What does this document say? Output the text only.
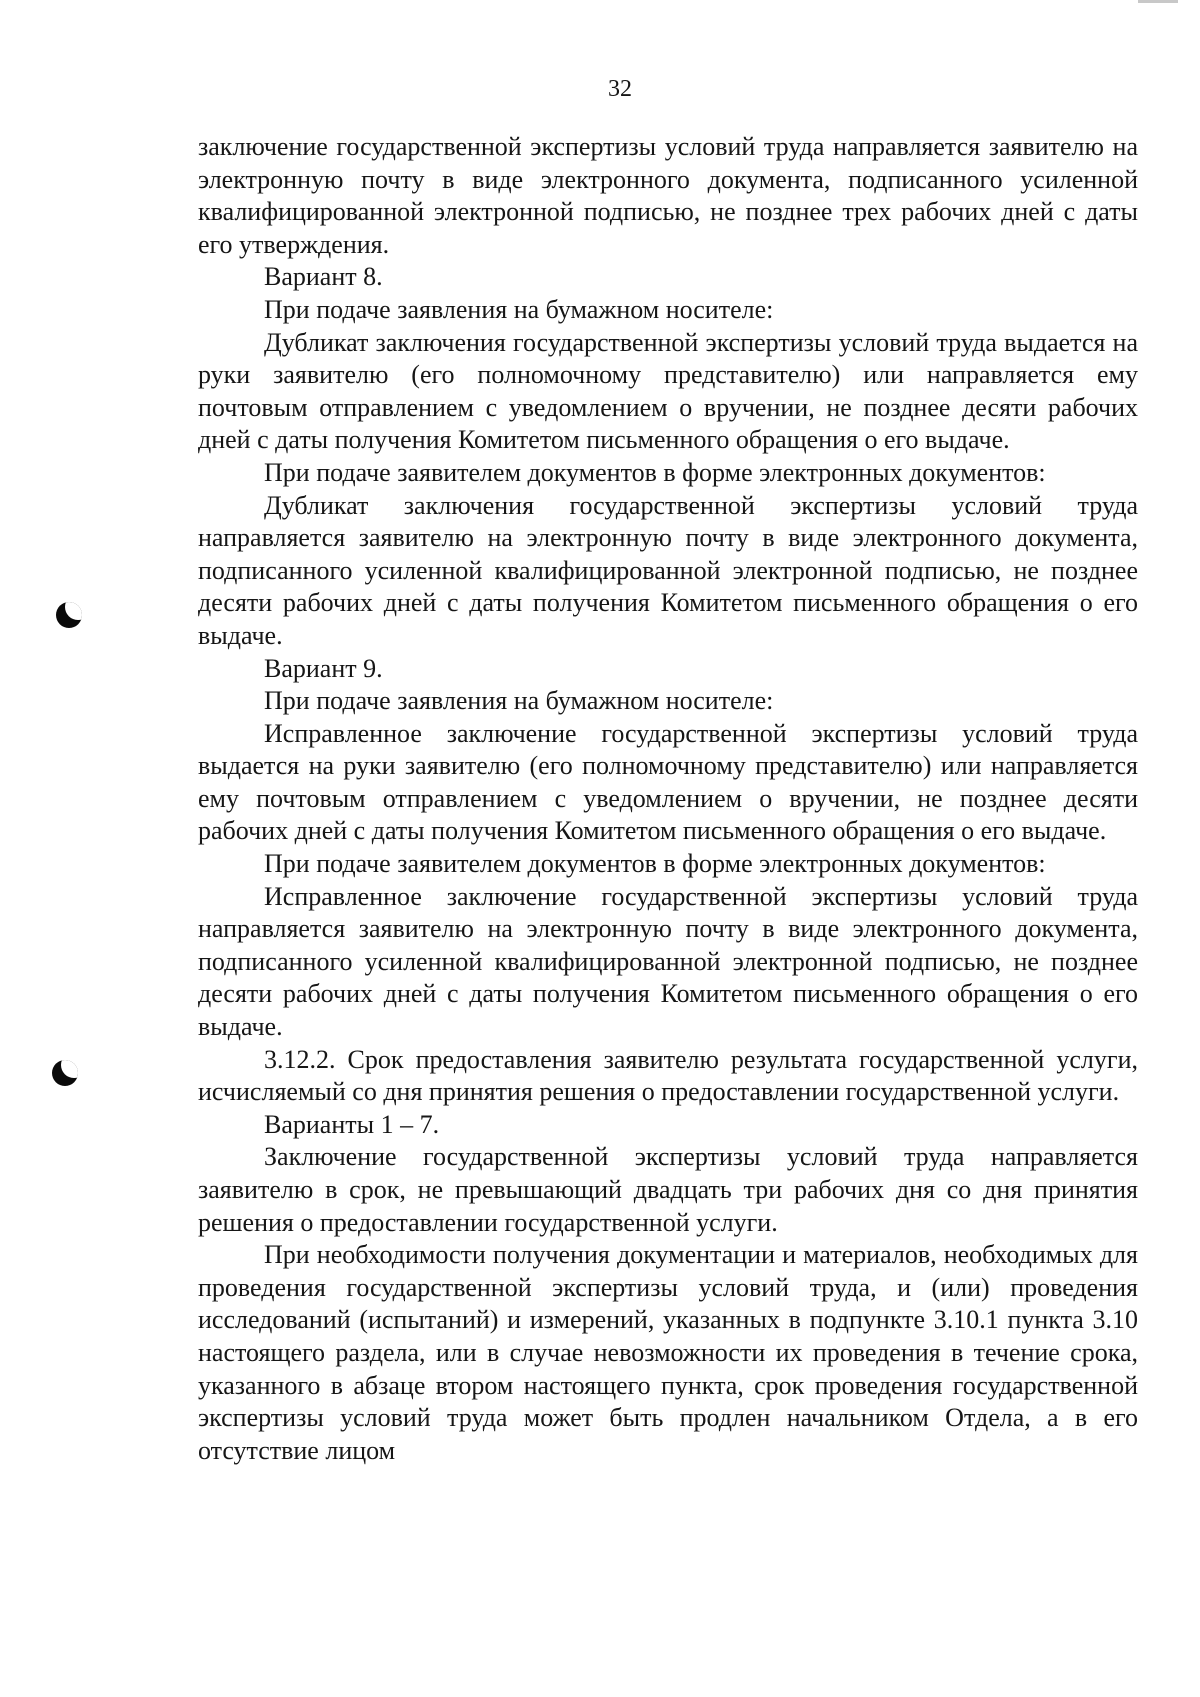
32

заключение государственной экспертизы условий труда направляется заявителю на электронную почту в виде электронного документа, подписанного усиленной квалифицированной электронной подписью, не позднее трех рабочих дней с даты его утверждения.

Вариант 8.

При подаче заявления на бумажном носителе:

Дубликат заключения государственной экспертизы условий труда выдается на руки заявителю (его полномочному представителю) или направляется ему почтовым отправлением с уведомлением о вручении, не позднее десяти рабочих дней с даты получения Комитетом письменного обращения о его выдаче.

При подаче заявителем документов в форме электронных документов:

Дубликат заключения государственной экспертизы условий труда направляется заявителю на электронную почту в виде электронного документа, подписанного усиленной квалифицированной электронной подписью, не позднее десяти рабочих дней с даты получения Комитетом письменного обращения о его выдаче.

Вариант 9.

При подаче заявления на бумажном носителе:

Исправленное заключение государственной экспертизы условий труда выдается на руки заявителю (его полномочному представителю) или направляется ему почтовым отправлением с уведомлением о вручении, не позднее десяти рабочих дней с даты получения Комитетом письменного обращения о его выдаче.

При подаче заявителем документов в форме электронных документов:

Исправленное заключение государственной экспертизы условий труда направляется заявителю на электронную почту в виде электронного документа, подписанного усиленной квалифицированной электронной подписью, не позднее десяти рабочих дней с даты получения Комитетом письменного обращения о его выдаче.

3.12.2. Срок предоставления заявителю результата государственной услуги, исчисляемый со дня принятия решения о предоставлении государственной услуги.

Варианты 1 – 7.

Заключение государственной экспертизы условий труда направляется заявителю в срок, не превышающий двадцать три рабочих дня со дня принятия решения о предоставлении государственной услуги.

При необходимости получения документации и материалов, необходимых для проведения государственной экспертизы условий труда, и (или) проведения исследований (испытаний) и измерений, указанных в подпункте 3.10.1 пункта 3.10 настоящего раздела, или в случае невозможности их проведения в течение срока, указанного в абзаце втором настоящего пункта, срок проведения государственной экспертизы условий труда может быть продлен начальником Отдела, а в его отсутствие лицом
